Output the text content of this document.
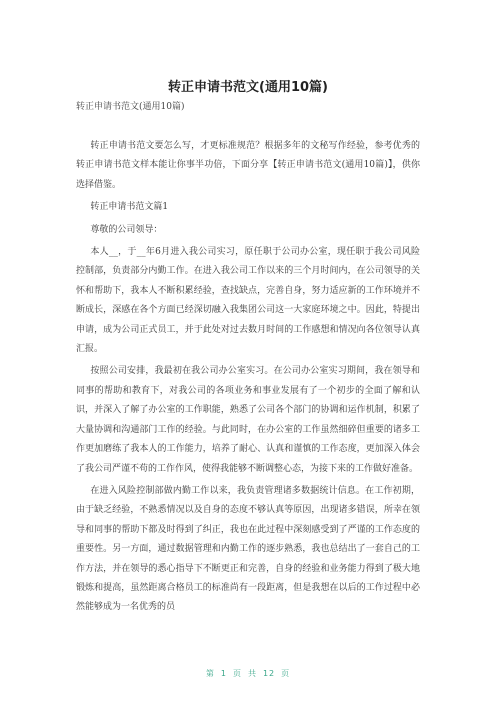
转正申请书范文(通用10篇)
转正申请书范文(通用10篇)

转正申请书范文要怎么写，才更标准规范？根据多年的文秘写作经验，参考优秀的转正申请书范文样本能让你事半功倍，下面分享【转正申请书范文(通用10篇)】，供你选择借鉴。

转正申请书范文篇1

尊敬的公司领导：

本人__，于__年6月进入我公司实习，原任职于公司办公室，现任职于我公司风险控制部，负责部分内勤工作。在进入我公司工作以来的三个月时间内，在公司领导的关怀和帮助下，我本人不断积累经验，查找缺点，完善自身，努力适应新的工作环境并不断成长，深感在各个方面已经深切融入我集团公司这一大家庭环境之中。因此，特提出申请，成为公司正式员工，并于此处对过去数月时间的工作感想和情况向各位领导认真汇报。

按照公司安排，我最初在我公司办公室实习。在公司办公室实习期间，我在领导和同事的帮助和教育下，对我公司的各项业务和事业发展有了一个初步的全面了解和认识，并深入了解了办公室的工作职能，熟悉了公司各个部门的协调和运作机制，积累了大量协调和沟通部门工作的经验。与此同时，在办公室的工作虽然细碎但重要的诸多工作更加磨练了我本人的工作能力，培养了耐心、认真和谨慎的工作态度，更加深入体会了我公司严谨不苟的工作作风，使得我能够不断调整心态，为接下来的工作做好准备。

在进入风险控制部做内勤工作以来，我负责管理诸多数据统计信息。在工作初期，由于缺乏经验，不熟悉情况以及自身的态度不够认真等原因，出现诸多错误，所幸在领导和同事的帮助下都及时得到了纠正，我也在此过程中深刻感受到了严谨的工作态度的重要性。另一方面，通过数据管理和内勤工作的逐步熟悉，我也总结出了一套自己的工作方法，并在领导的悉心指导下不断更正和完善，自身的经验和业务能力得到了极大地锻炼和提高，虽然距离合格员工的标准尚有一段距离，但是我想在以后的工作过程中必然能够成为一名优秀的员

第 1 页 共 12 页
